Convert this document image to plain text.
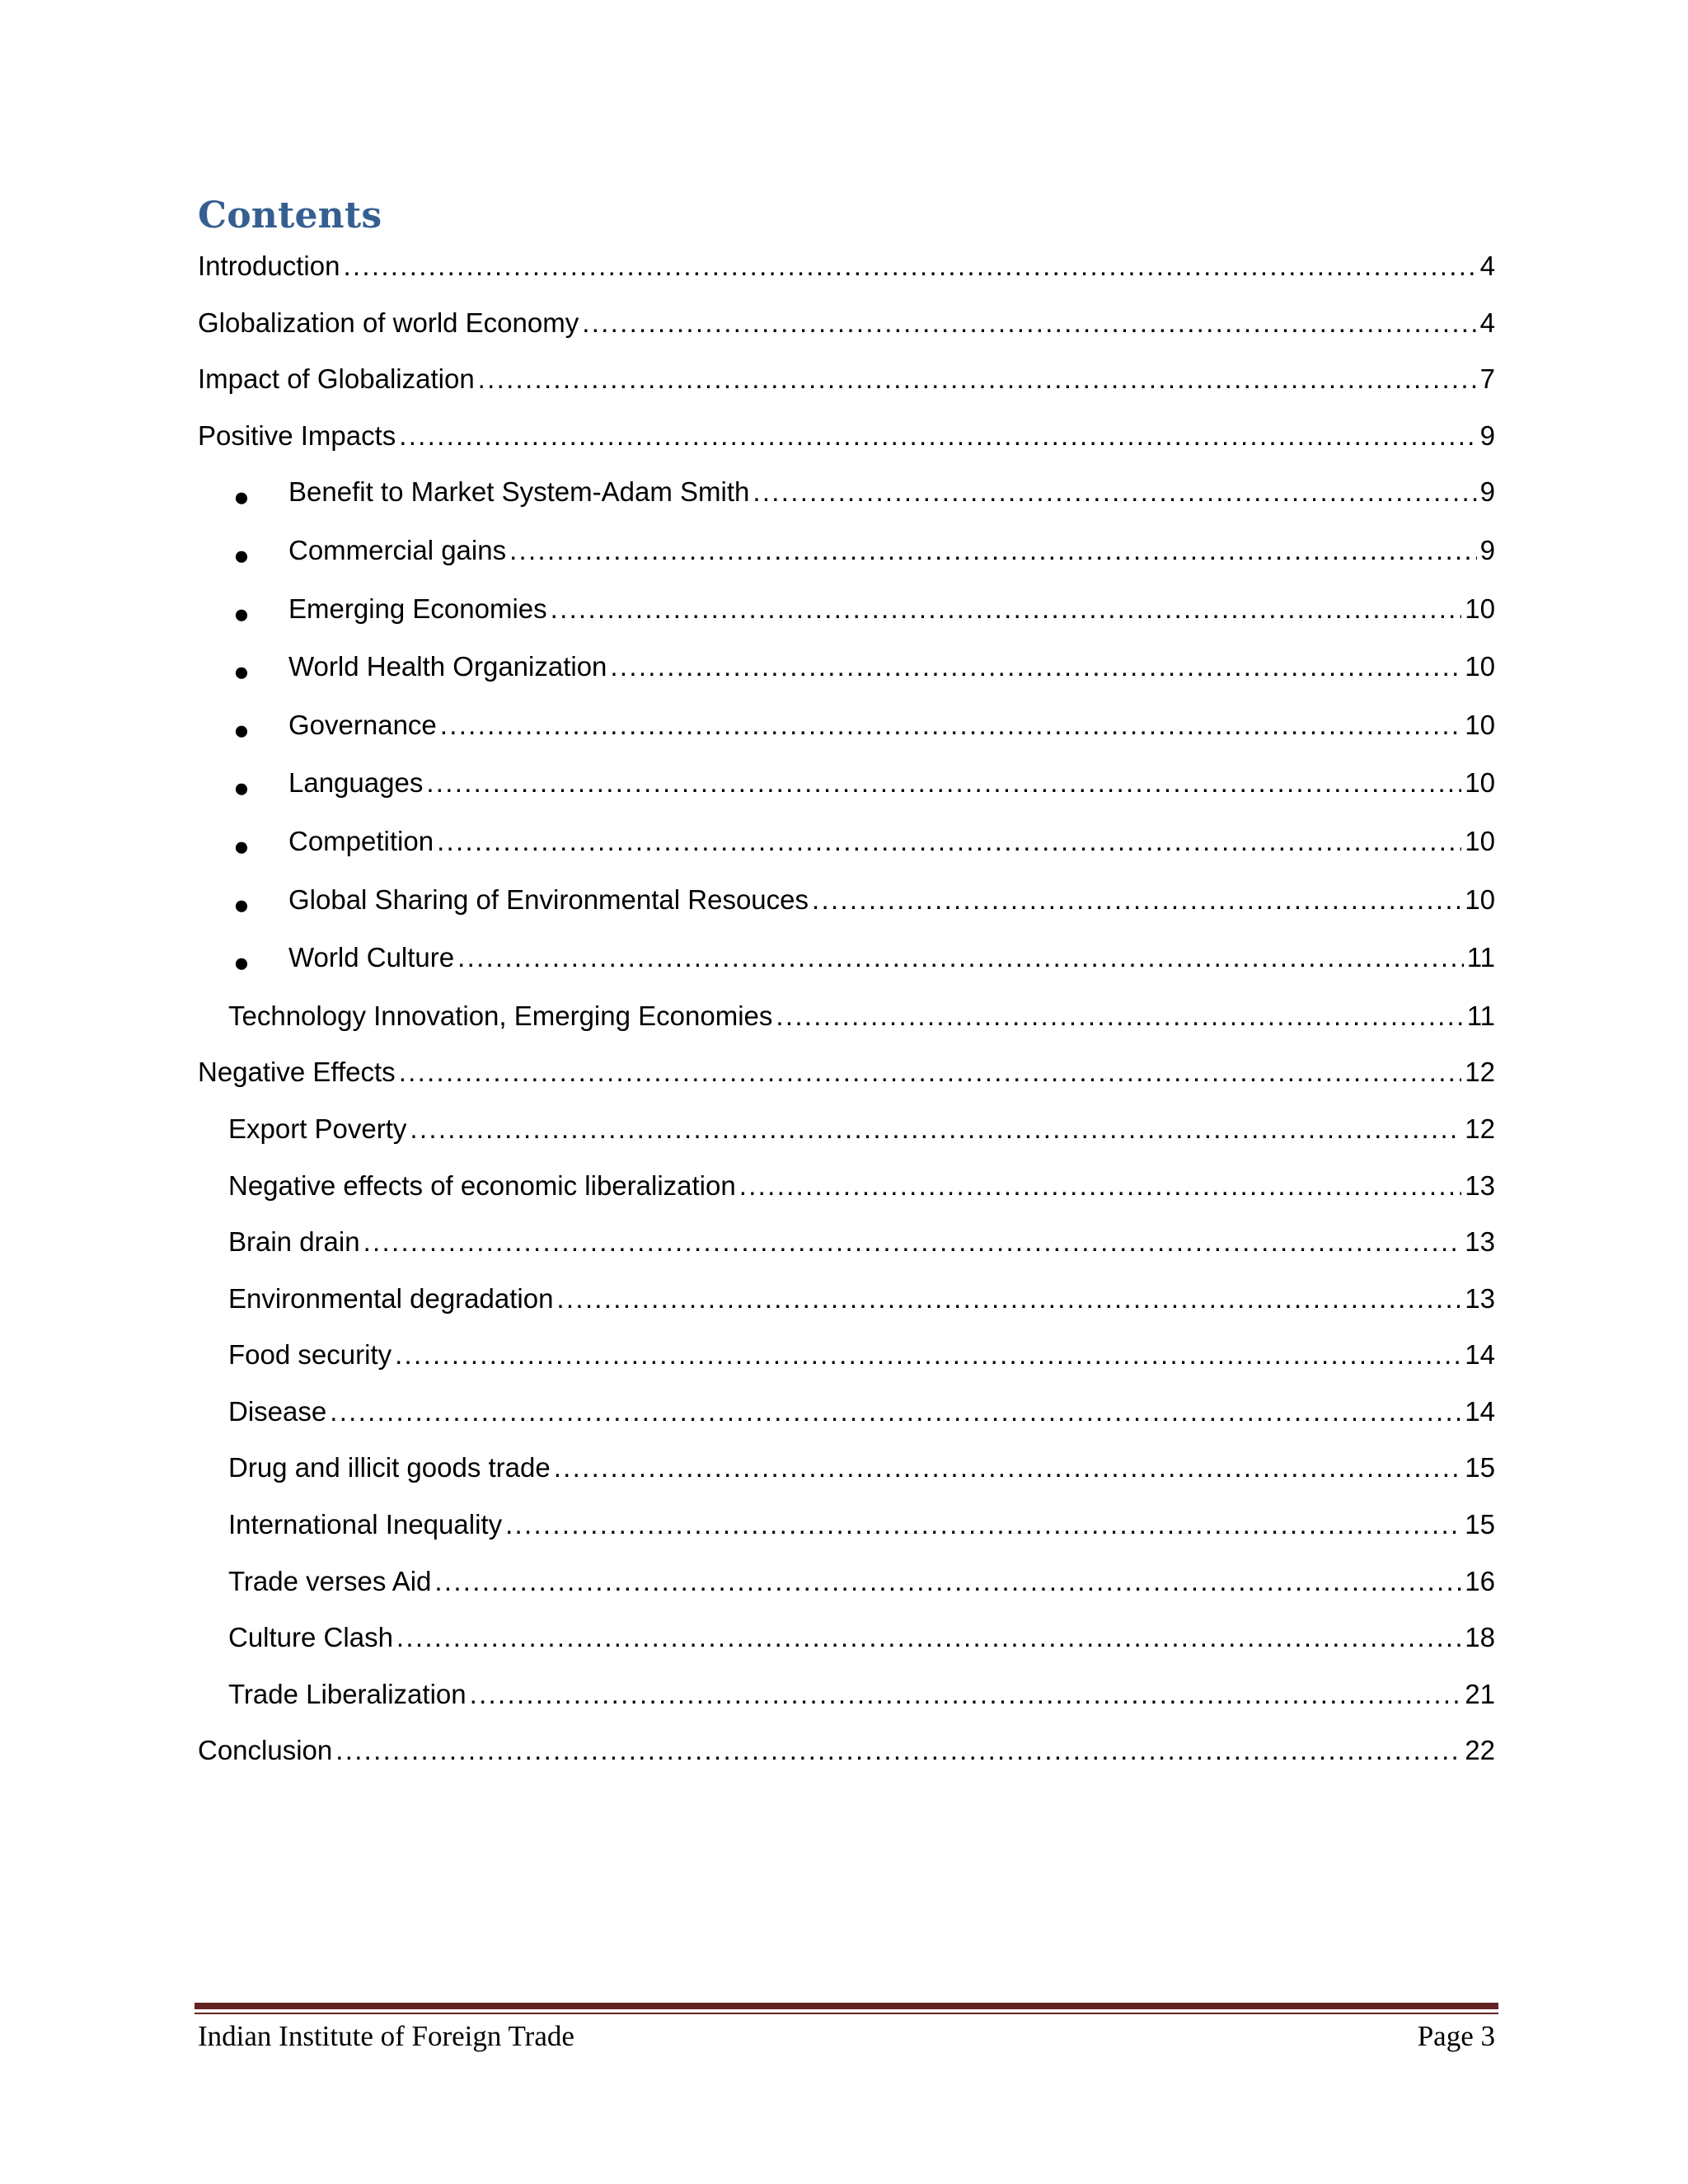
Contents
Introduction .....	4
Globalization of world Economy .....	4
Impact of Globalization .....	7
Positive Impacts .....	9
● Benefit to Market System-Adam Smith .....	9
● Commercial gains .....	9
● Emerging Economies .....	10
● World Health Organization .....	10
● Governance .....	10
● Languages .....	10
● Competition .....	10
● Global Sharing of Environmental Resouces .....	10
● World Culture .....	11
Technology Innovation, Emerging Economies .....	11
Negative Effects .....	12
Export Poverty .....	12
Negative effects of economic liberalization .....	13
Brain drain .....	13
Environmental degradation .....	13
Food security .....	14
Disease .....	14
Drug and illicit goods trade .....	15
International Inequality .....	15
Trade verses Aid .....	16
Culture Clash .....	18
Trade Liberalization .....	21
Conclusion .....	22
Indian Institute of Foreign Trade	Page 3
